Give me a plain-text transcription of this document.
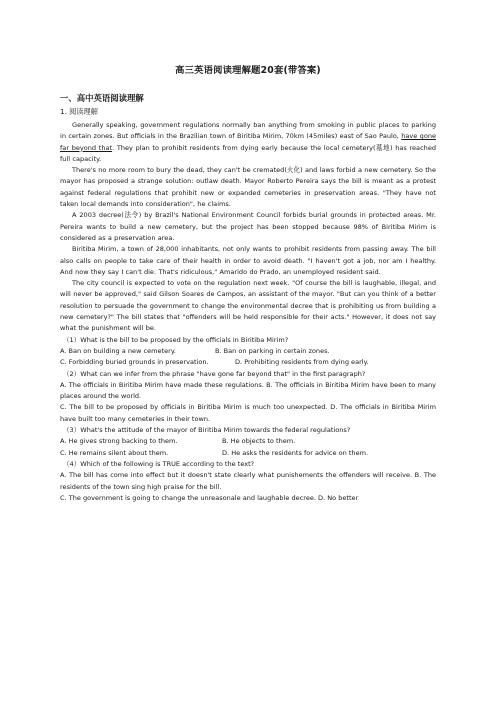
高三英语阅读理解题20套(带答案)
一、高中英语阅读理解
1. 阅读理解

Generally speaking, government regulations normally ban anything from smoking in public places to parking in certain zones. But officials in the Brazilian town of Biritiba Mirim, 70km (45miles) east of Sao Paulo, have gone far beyond that. They plan to prohibit residents from dying early because the local cemetery(墓地) has reached full capacity.

There's no more room to bury the dead, they can't be cremated(火化) and laws forbid a new cemetery. So the mayor has proposed a strange solution: outlaw death. Mayor Roberto Pereira says the bill is meant as a protest against federal regulations that prohibit new or expanded cemeteries in preservation areas. "They have not taken local demands into consideration", he claims.

A 2003 decree(法令) by Brazil's National Environment Council forbids burial grounds in protected areas. Mr. Pereira wants to build a new cemetery, but the project has been stopped because 98% of Biritiba Mirim is considered as a preservation area.

Biritiba Mirim, a town of 28,000 inhabitants, not only wants to prohibit residents from passing away. The bill also calls on people to take care of their health in order to avoid death. "I haven't got a job, nor am I healthy. And now they say I can't die. That's ridiculous," Amarido do Prado, an unemployed resident said.

The city council is expected to vote on the regulation next week. "Of course the bill is laughable, illegal, and will never be approved," said Gilson Soares de Campos, an assistant of the mayor. "But can you think of a better resolution to persuade the government to change the environmental decree that is prohibiting us from building a new cemetery?" The bill states that "offenders will be held responsible for their acts." However, it does not say what the punishment will be.

（1）What is the bill to be proposed by the officials in Biritiba Mirim?

A. Ban on building a new cemetery.	B. Ban on parking in certain zones.
C. Forbidding buried grounds in preservation.	D. Prohibiting residents from dying early.

（2）What can we infer from the phrase "have gone far beyond that" in the first paragraph?

A. The officials in Biritiba Mirim have made these regulations. B. The officials in Biritiba Mirim have been to many places around the world.

C. The bill to be proposed by officials in Biritiba Mirim is much too unexpected. D. The officials in Biritiba Mirim have built too many cemeteries in their town.

（3）What's the attitude of the mayor of Biritiba Mirim towards the federal regulations?

A. He gives strong backing to them.	B. He objects to them.
C. He remains silent about them.	D. He asks the residents for advice on them.

（4）Which of the following is TRUE according to the text?

A. The bill has come into effect but it doesn't state clearly what punishements the offenders will receive. B. The residents of the town sing high praise for the bill.

C. The government is going to change the unreasonale and laughable decree. D. No better
